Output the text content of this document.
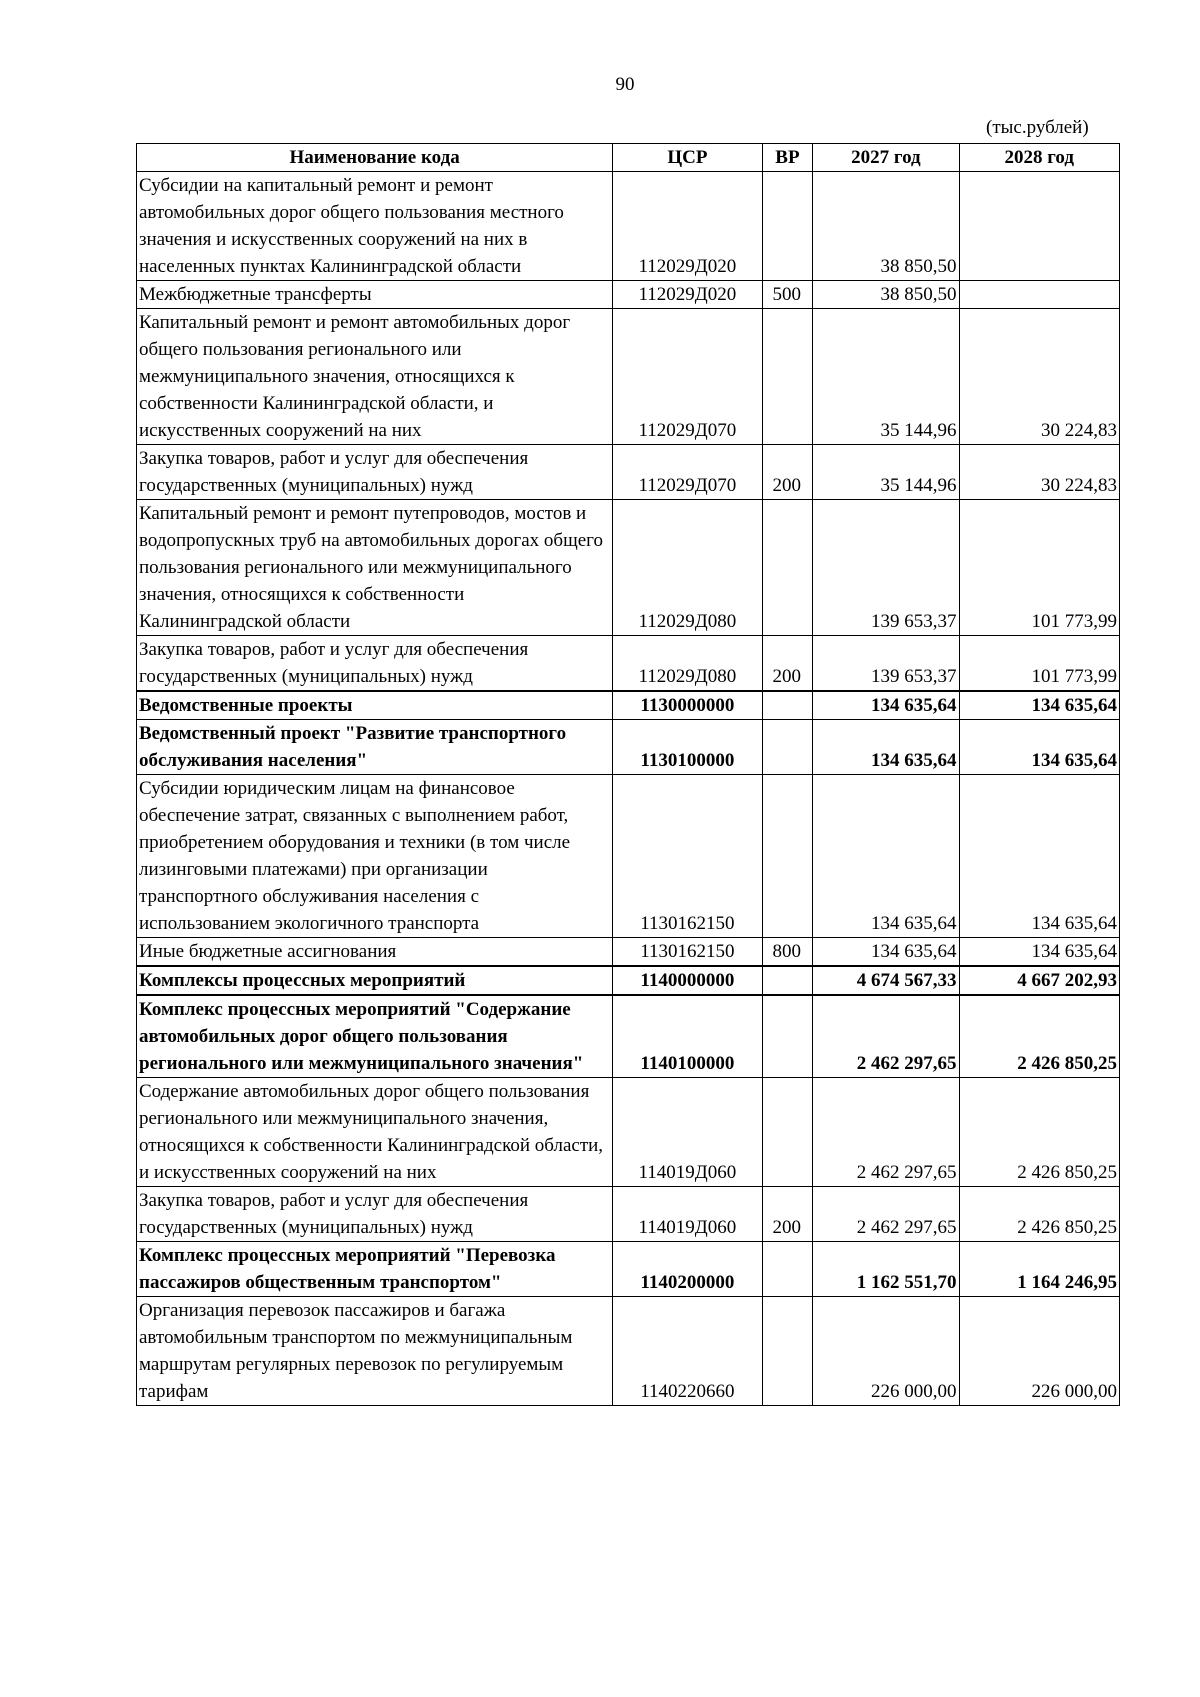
90
(тыс.рублей)
Наименование кода	ЦСР	ВР	2027 год	2028 год
Субсидии на капитальный ремонт и ремонт автомобильных дорог общего пользования местного значения и искусственных сооружений на них в населенных пунктах Калининградской области	112029Д020		38 850,50	
Межбюджетные трансферты	112029Д020	500	38 850,50	
Капитальный ремонт и ремонт автомобильных дорог общего пользования регионального или межмуниципального значения, относящихся к собственности Калининградской области, и искусственных сооружений на них	112029Д070		35 144,96	30 224,83
Закупка товаров, работ и услуг для обеспечения государственных (муниципальных) нужд	112029Д070	200	35 144,96	30 224,83
Капитальный ремонт и ремонт путепроводов, мостов и водопропускных труб на автомобильных дорогах общего пользования регионального или межмуниципального значения, относящихся к собственности Калининградской области	112029Д080		139 653,37	101 773,99
Закупка товаров, работ и услуг для обеспечения государственных (муниципальных) нужд	112029Д080	200	139 653,37	101 773,99
Ведомственные проекты	1130000000		134 635,64	134 635,64
Ведомственный проект "Развитие транспортного обслуживания населения"	1130100000		134 635,64	134 635,64
Субсидии юридическим лицам на финансовое обеспечение затрат, связанных с выполнением работ, приобретением оборудования и техники (в том числе лизинговыми платежами) при организации транспортного обслуживания населения с использованием экологичного транспорта	1130162150		134 635,64	134 635,64
Иные бюджетные ассигнования	1130162150	800	134 635,64	134 635,64
Комплексы процессных мероприятий	1140000000		4 674 567,33	4 667 202,93
Комплекс процессных мероприятий "Содержание автомобильных дорог общего пользования регионального или межмуниципального значения"	1140100000		2 462 297,65	2 426 850,25
Содержание автомобильных дорог общего пользования регионального или межмуниципального значения, относящихся к собственности Калининградской области, и искусственных сооружений на них	114019Д060		2 462 297,65	2 426 850,25
Закупка товаров, работ и услуг для обеспечения государственных (муниципальных) нужд	114019Д060	200	2 462 297,65	2 426 850,25
Комплекс процессных мероприятий "Перевозка пассажиров общественным транспортом"	1140200000		1 162 551,70	1 164 246,95
Организация перевозок пассажиров и багажа автомобильным транспортом по межмуниципальным маршрутам регулярных перевозок по регулируемым тарифам	1140220660		226 000,00	226 000,00
